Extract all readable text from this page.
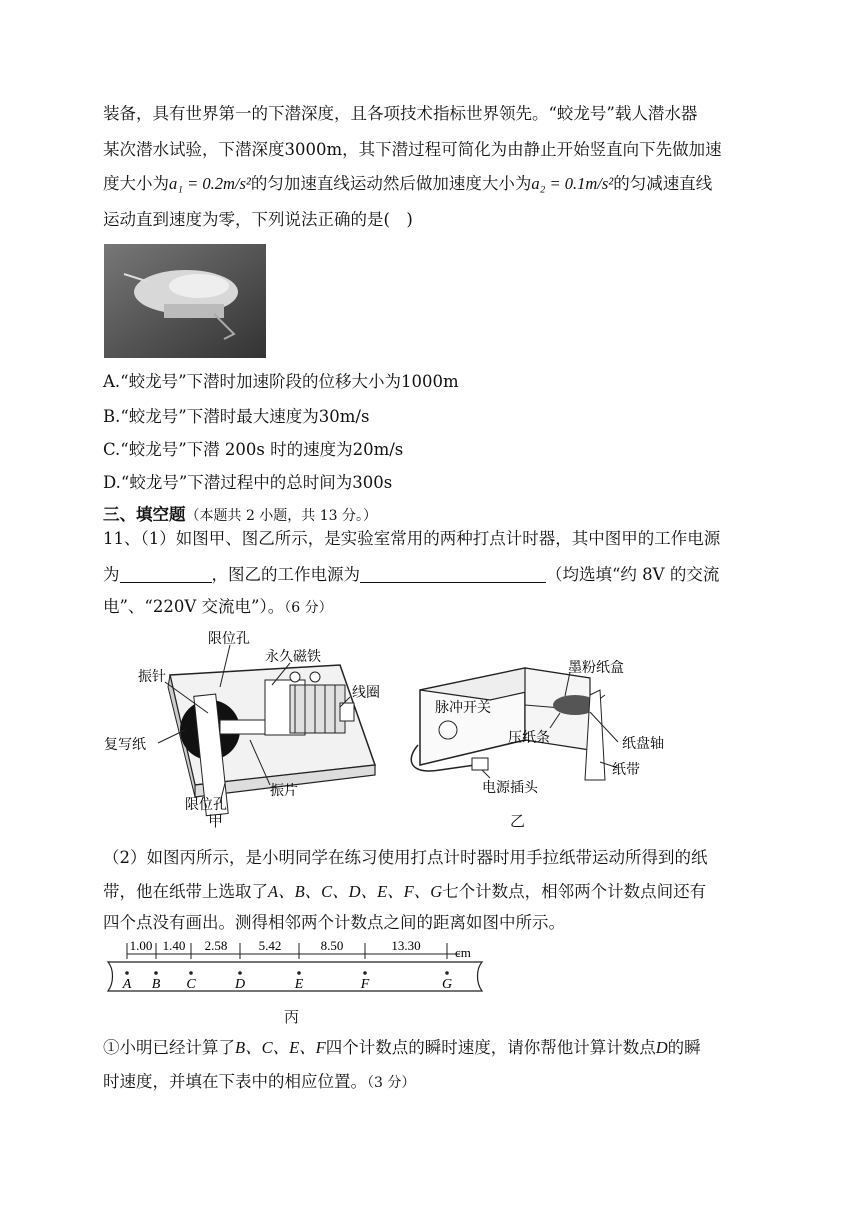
装备，具有世界第一的下潜深度，且各项技术指标世界领先。“蛟龙号”载人潜水器
某次潜水试验，下潜深度3000m，其下潜过程可简化为由静止开始竖直向下先做加速
度大小为a₁ = 0.2m/s²的匀加速直线运动然后做加速度大小为a₂ = 0.1m/s²的匀减速直线
运动直到速度为零，下列说法正确的是(　)
A.“蛟龙号”下潜时加速阶段的位移大小为1000m
B.“蛟龙号”下潜时最大速度为30m/s
C.“蛟龙号”下潜 200s 时的速度为20m/s
D.“蛟龙号”下潜过程中的总时间为300s
三、填空题（本题共 2 小题，共 13 分。）
11、（1）如图甲、图乙所示，是实验室常用的两种打点计时器，其中图甲的工作电源
为	，图乙的工作电源为	（均选填“约 8V 的交流
电”、“220V 交流电”）。（6 分）
限位孔
永久磁铁
振针
线圈
复写纸
限位孔
振片
甲
墨粉纸盒
脉冲开关
压纸条	纸盘轴
纸带
电源插头
乙
（2）如图丙所示，是小明同学在练习使用打点计时器时用手拉纸带运动所得到的纸
带，他在纸带上选取了A、B、C、D、E、F、G七个计数点，相邻两个计数点间还有
四个点没有画出。测得相邻两个计数点之间的距离如图中所示。
1.00 1.40 2.58 5.42	8.50	13.30	cm
A B C	D	E	F	G
丙
①小明已经计算了B、C、E、F四个计数点的瞬时速度，请你帮他计算计数点D的瞬
时速度，并填在下表中的相应位置。（3 分）
